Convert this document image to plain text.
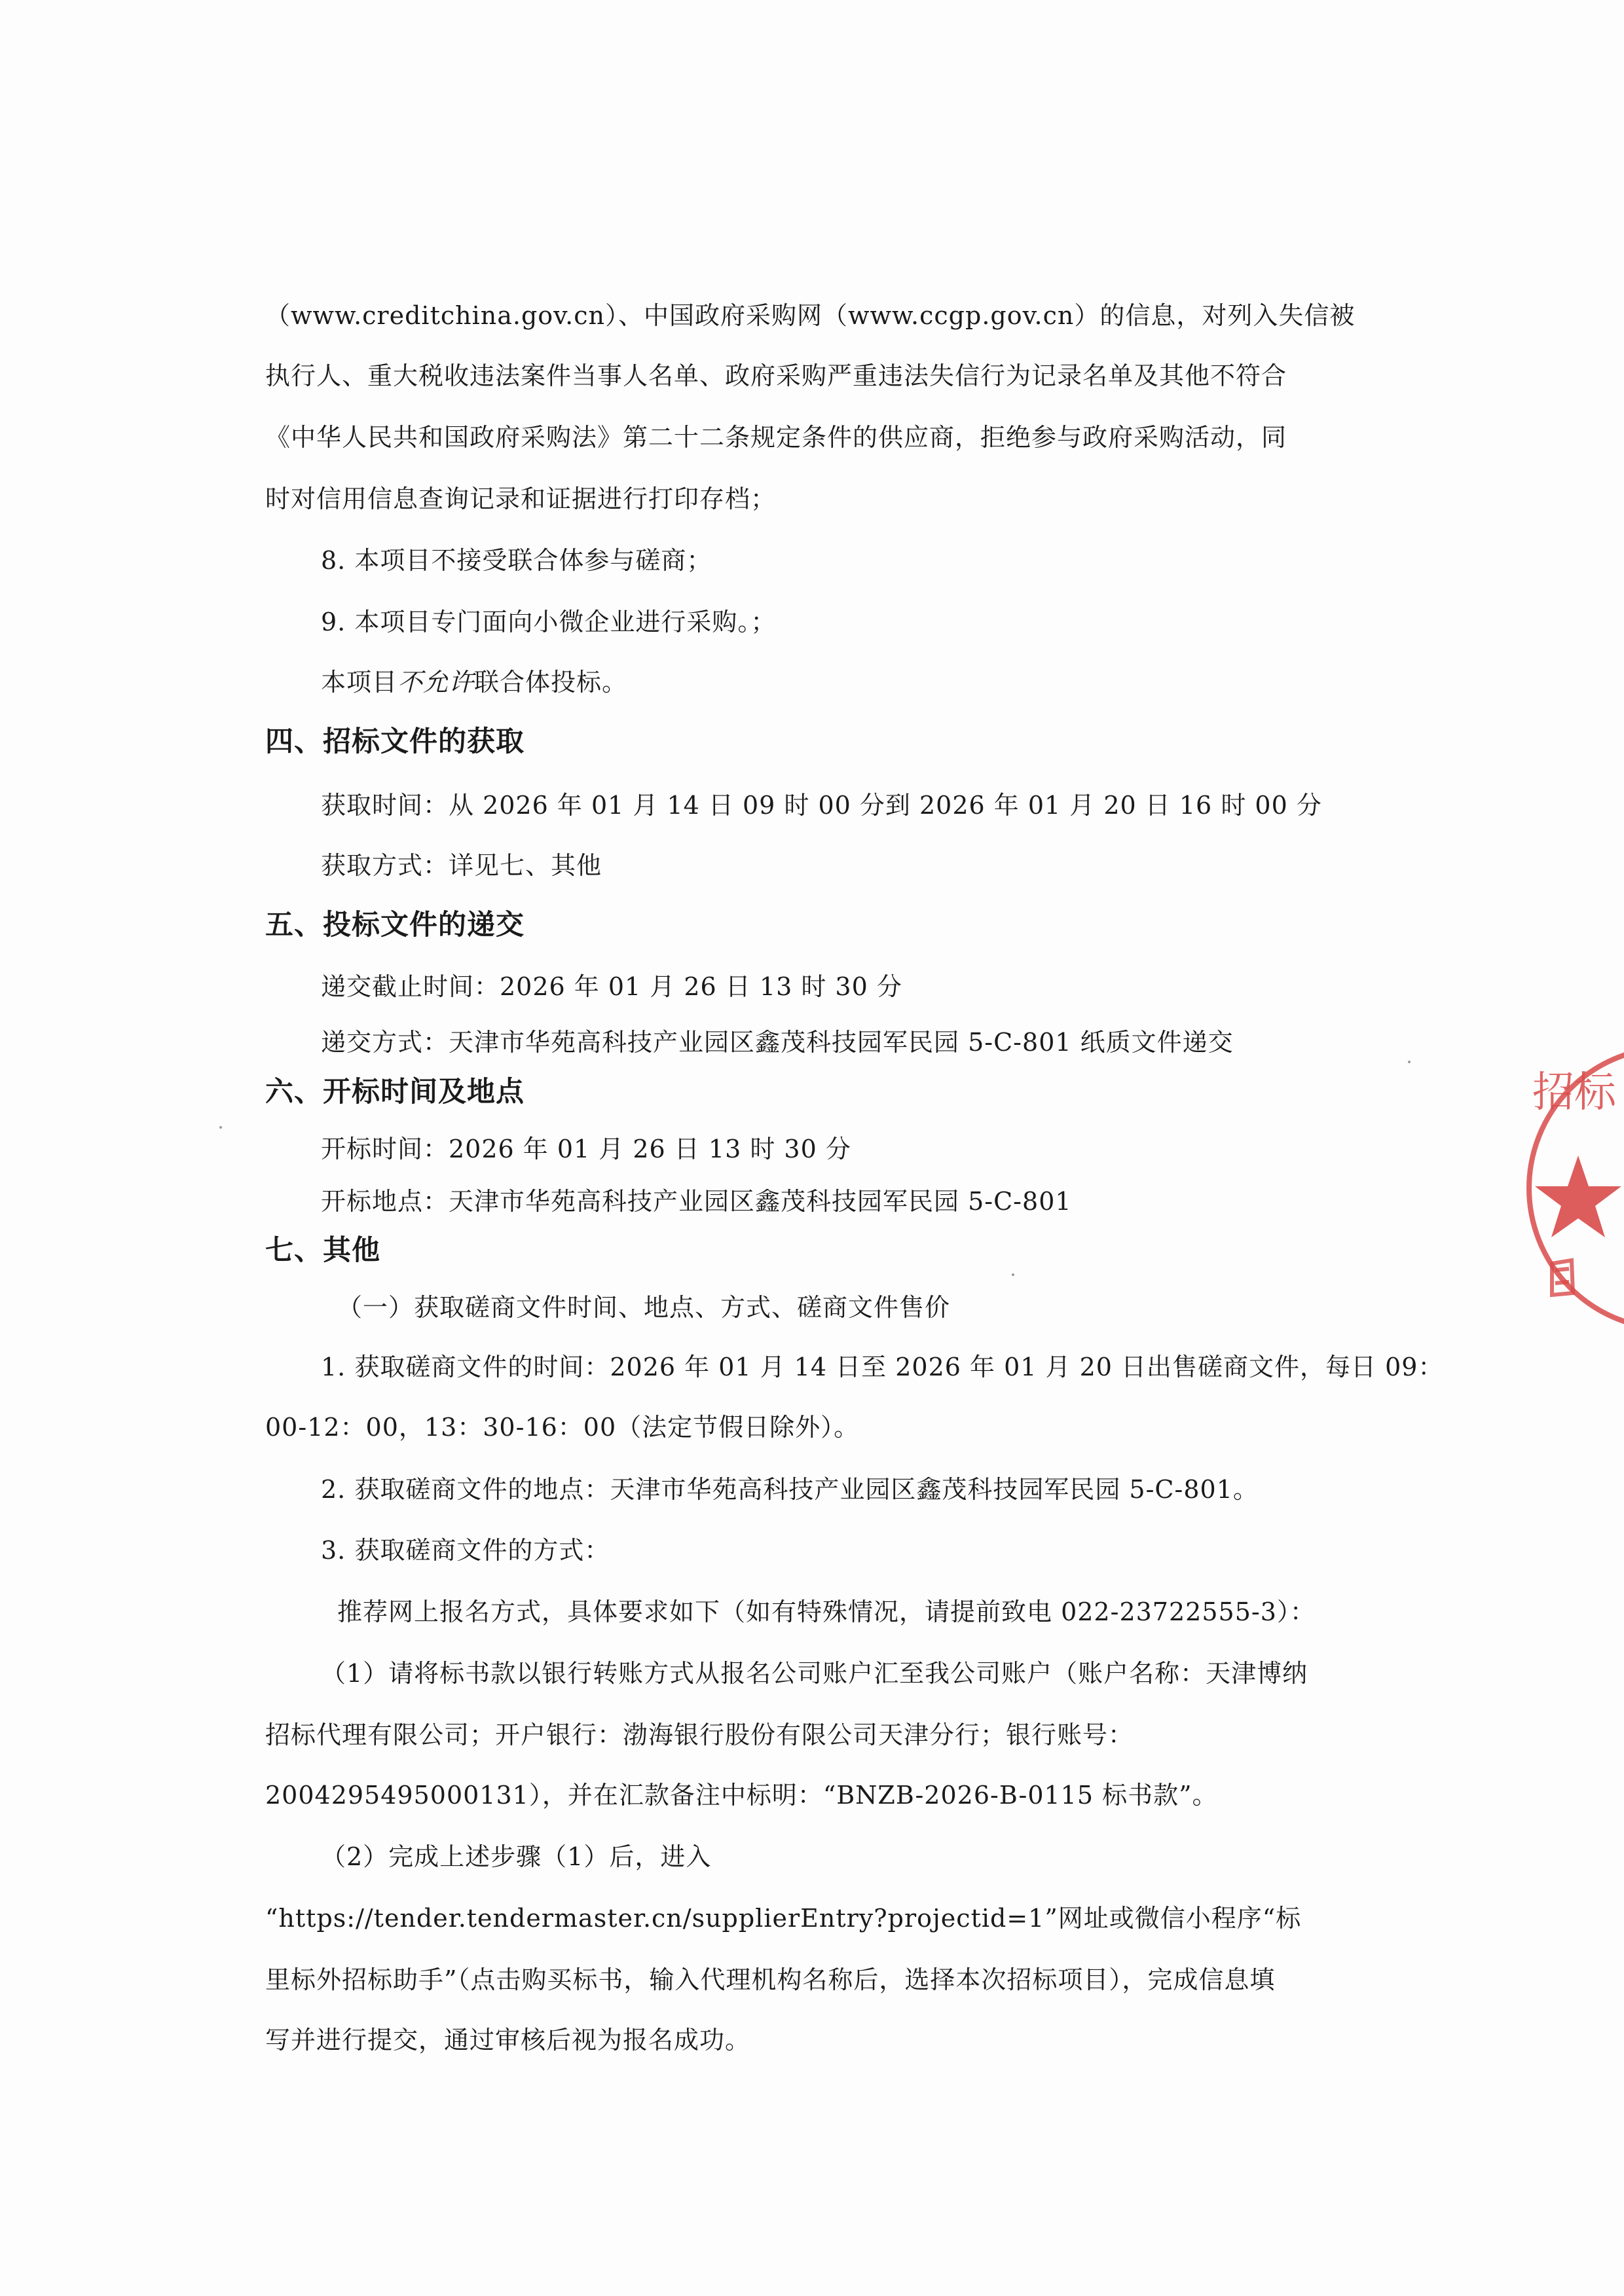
（www.creditchina.gov.cn）、中国政府采购网（www.ccgp.gov.cn）的信息，对列入失信被
执行人、重大税收违法案件当事人名单、政府采购严重违法失信行为记录名单及其他不符合
《中华人民共和国政府采购法》第二十二条规定条件的供应商，拒绝参与政府采购活动，同
时对信用信息查询记录和证据进行打印存档；
8. 本项目不接受联合体参与磋商；
9. 本项目专门面向小微企业进行采购。；
本项目不允许联合体投标。
四、招标文件的获取
获取时间：从 2026 年 01 月 14 日 09 时 00 分到 2026 年 01 月 20 日 16 时 00 分
获取方式：详见七、其他
五、投标文件的递交
递交截止时间：2026 年 01 月 26 日 13 时 30 分
递交方式：天津市华苑高科技产业园区鑫茂科技园军民园 5-C-801 纸质文件递交
六、开标时间及地点
开标时间：2026 年 01 月 26 日 13 时 30 分
开标地点：天津市华苑高科技产业园区鑫茂科技园军民园 5-C-801
七、其他
（一）获取磋商文件时间、地点、方式、磋商文件售价
1. 获取磋商文件的时间：2026 年 01 月 14 日至 2026 年 01 月 20 日出售磋商文件，每日 09：
00-12：00，13：30-16：00（法定节假日除外）。
2. 获取磋商文件的地点：天津市华苑高科技产业园区鑫茂科技园军民园 5-C-801。
3. 获取磋商文件的方式：
推荐网上报名方式，具体要求如下（如有特殊情况，请提前致电 022-23722555-3）：
（1）请将标书款以银行转账方式从报名公司账户汇至我公司账户（账户名称：天津博纳
招标代理有限公司；开户银行：渤海银行股份有限公司天津分行；银行账号：
2004295495000131），并在汇款备注中标明：“BNZB-2026-B-0115 标书款”。
（2）完成上述步骤（1）后，进入
“https://tender.tendermaster.cn/supplierEntry?projectid=1”网址或微信小程序“标
里标外招标助手”（点击购买标书，输入代理机构名称后，选择本次招标项目），完成信息填
写并进行提交，通过审核后视为报名成功。
招标
